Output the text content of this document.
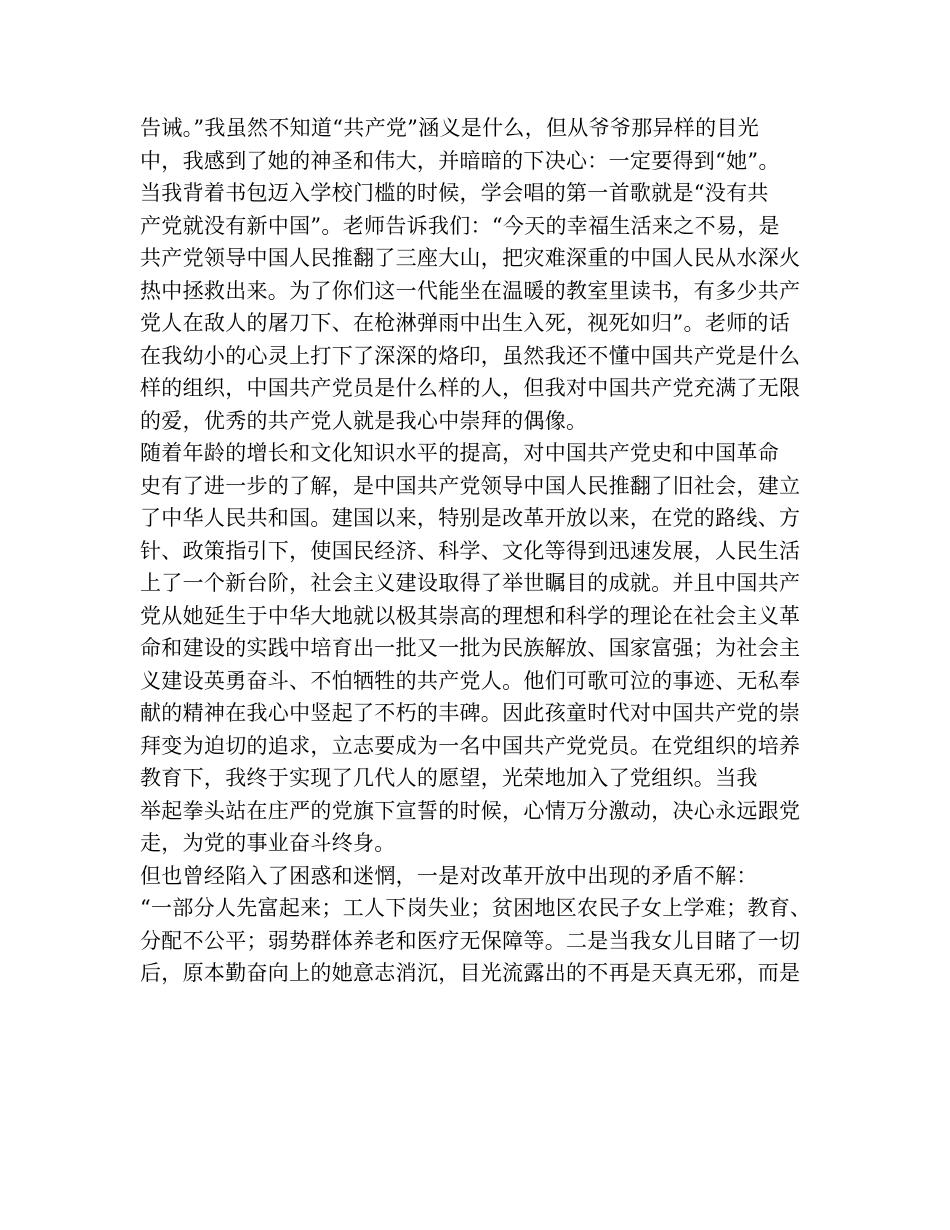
告诫。”我虽然不知道“共产党”涵义是什么，但从爷爷那异样的目光
中，我感到了她的神圣和伟大，并暗暗的下决心：一定要得到“她”。
当我背着书包迈入学校门槛的时候，学会唱的第一首歌就是“没有共
产党就没有新中国”。老师告诉我们：“今天的幸福生活来之不易，是
共产党领导中国人民推翻了三座大山，把灾难深重的中国人民从水深火
热中拯救出来。为了你们这一代能坐在温暖的教室里读书，有多少共产
党人在敌人的屠刀下、在枪淋弹雨中出生入死，视死如归”。老师的话
在我幼小的心灵上打下了深深的烙印，虽然我还不懂中国共产党是什么
样的组织，中国共产党员是什么样的人，但我对中国共产党充满了无限
的爱，优秀的共产党人就是我心中崇拜的偶像。
随着年龄的增长和文化知识水平的提高，对中国共产党史和中国革命
史有了进一步的了解，是中国共产党领导中国人民推翻了旧社会，建立
了中华人民共和国。建国以来，特别是改革开放以来，在党的路线、方
针、政策指引下，使国民经济、科学、文化等得到迅速发展，人民生活
上了一个新台阶，社会主义建设取得了举世瞩目的成就。并且中国共产
党从她延生于中华大地就以极其崇高的理想和科学的理论在社会主义革
命和建设的实践中培育出一批又一批为民族解放、国家富强；为社会主
义建设英勇奋斗、不怕牺牲的共产党人。他们可歌可泣的事迹、无私奉
献的精神在我心中竖起了不朽的丰碑。因此孩童时代对中国共产党的崇
拜变为迫切的追求，立志要成为一名中国共产党党员。在党组织的培养
教育下，我终于实现了几代人的愿望，光荣地加入了党组织。当我
举起拳头站在庄严的党旗下宣誓的时候，心情万分激动，决心永远跟党
走，为党的事业奋斗终身。
但也曾经陷入了困惑和迷惘，一是对改革开放中出现的矛盾不解：
“一部分人先富起来；工人下岗失业；贫困地区农民子女上学难；教育、
分配不公平；弱势群体养老和医疗无保障等。二是当我女儿目睹了一切
后，原本勤奋向上的她意志消沉，目光流露出的不再是天真无邪，而是
